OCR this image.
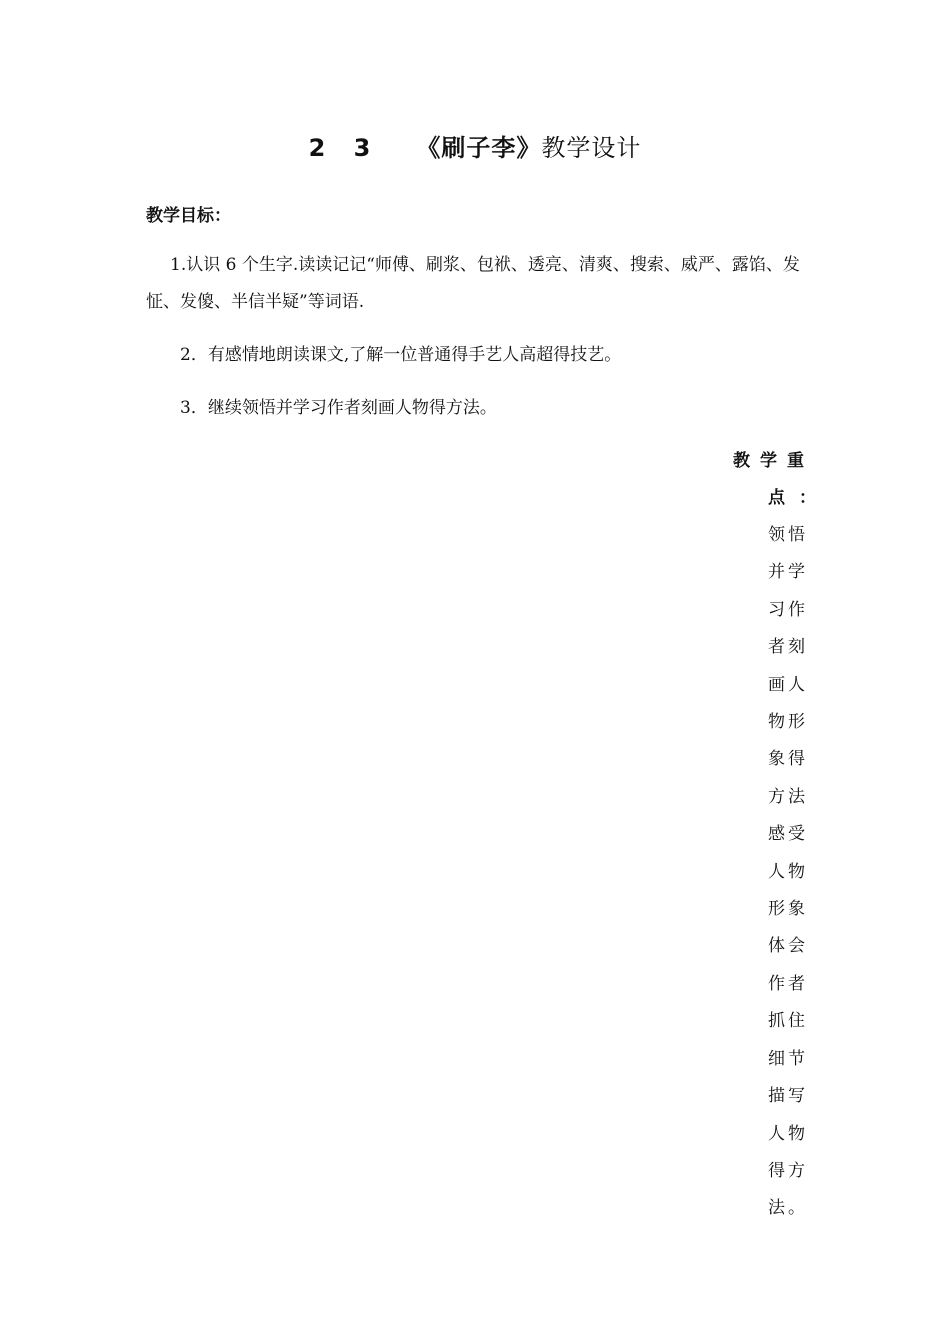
2 3 《刷子李》教学设计
教学目标：
1.认识 6 个生字.读读记记“师傅、刷浆、包袱、透亮、清爽、搜索、威严、露馅、发怔、发傻、半信半疑”等词语.
2．有感情地朗读课文,了解一位普通得手艺人高超得技艺。
3．继续领悟并学习作者刻画人物得方法。
教学重
点：
领悟并学习作者刻画人物形象得方法感受人物形象体会作者抓住细节描写人物得方法。
